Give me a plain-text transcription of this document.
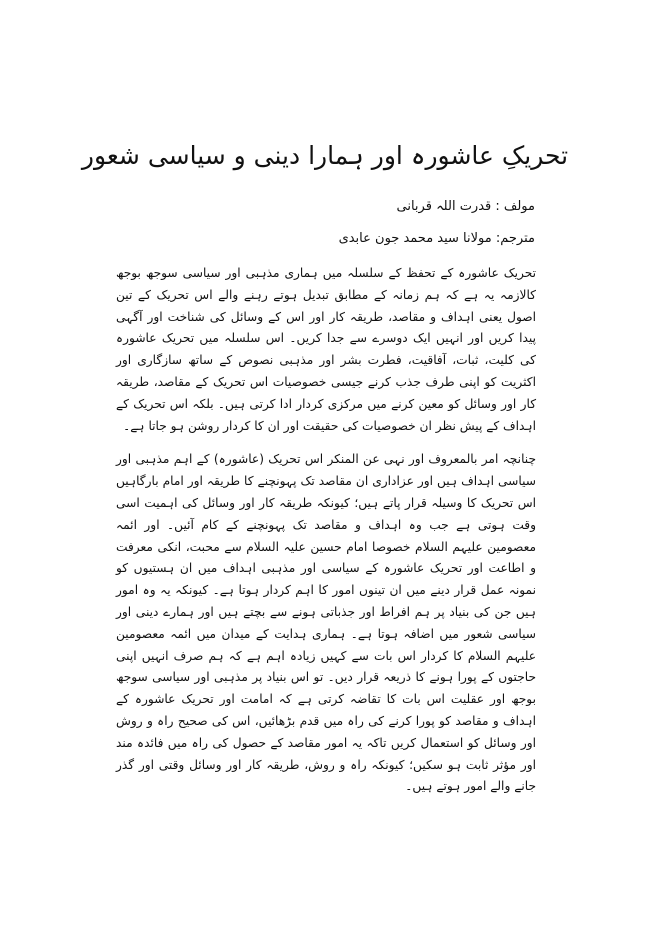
تحریکِ عاشورہ اور ہمارا دینی و سیاسی شعور

مولف : قدرت اللہ قربانی

مترجم: مولانا سید محمد جون عابدی

تحریک عاشورہ کے تحفظ کے سلسلہ میں ہماری مذہبی اور سیاسی سوجھ بوجھ کالازمہ یہ ہے کہ ہم زمانہ کے مطابق تبدیل ہوتے رہنے والے اس تحریک کے تین اصول یعنی اہداف و مقاصد، طریقہ کار اور اس کے وسائل کی شناخت اور آگہی پیدا کریں اور انہیں ایک دوسرے سے جدا کریں۔ اس سلسلہ میں تحریک عاشورہ کی کلیت، ثبات، آفاقیت، فطرت بشر اور مذہبی نصوص کے ساتھ سازگاری اور اکثریت کو اپنی طرف جذب کرنے جیسی خصوصیات اس تحریک کے مقاصد، طریقہ کار اور وسائل کو معین کرنے میں مرکزی کردار ادا کرتی ہیں۔ بلکہ اس تحریک کے اہداف کے پیش نظر ان خصوصیات کی حقیقت اور ان کا کردار روشن ہو جاتا ہے۔

چنانچہ امر بالمعروف اور نہی عن المنکر اس تحریک (عاشورہ) کے اہم مذہبی اور سیاسی اہداف ہیں اور عزاداری ان مقاصد تک پہونچنے کا طریقہ اور امام بارگاہیں اس تحریک کا وسیلہ قرار پاتے ہیں؛ کیونکہ طریقہ کار اور وسائل کی اہمیت اسی وقت ہوتی ہے جب وہ اہداف و مقاصد تک پہونچنے کے کام آئیں۔ اور ائمہ معصومین علیہم السلام خصوصا امام حسین علیہ السلام سے محبت، انکی معرفت و اطاعت اور تحریک عاشورہ کے سیاسی اور مذہبی اہداف میں ان ہستیوں کو نمونہ عمل قرار دینے میں ان تینوں امور کا اہم کردار ہوتا ہے۔ کیونکہ یہ وہ امور ہیں جن کی بنیاد پر ہم افراط اور جذباتی ہونے سے بچتے ہیں اور ہمارے دینی اور سیاسی شعور میں اضافہ ہوتا ہے۔ ہماری ہدایت کے میدان میں ائمہ معصومین علیہم السلام کا کردار اس بات سے کہیں زیادہ اہم ہے کہ ہم صرف انہیں اپنی حاجتوں کے پورا ہونے کا ذریعہ قرار دیں۔ تو اس بنیاد پر مذہبی اور سیاسی سوجھ بوجھ اور عقلیت اس بات کا تقاضہ کرتی ہے کہ امامت اور تحریک عاشورہ کے اہداف و مقاصد کو پورا کرنے کی راہ میں قدم بڑھائیں، اس کی صحیح راہ و روش اور وسائل کو استعمال کریں تاکہ یہ امور مقاصد کے حصول کی راہ میں فائدہ مند اور مؤثر ثابت ہو سکیں؛ کیونکہ راہ و روش، طریقہ کار اور وسائل وقتی اور گذر جانے والے امور ہوتے ہیں۔
